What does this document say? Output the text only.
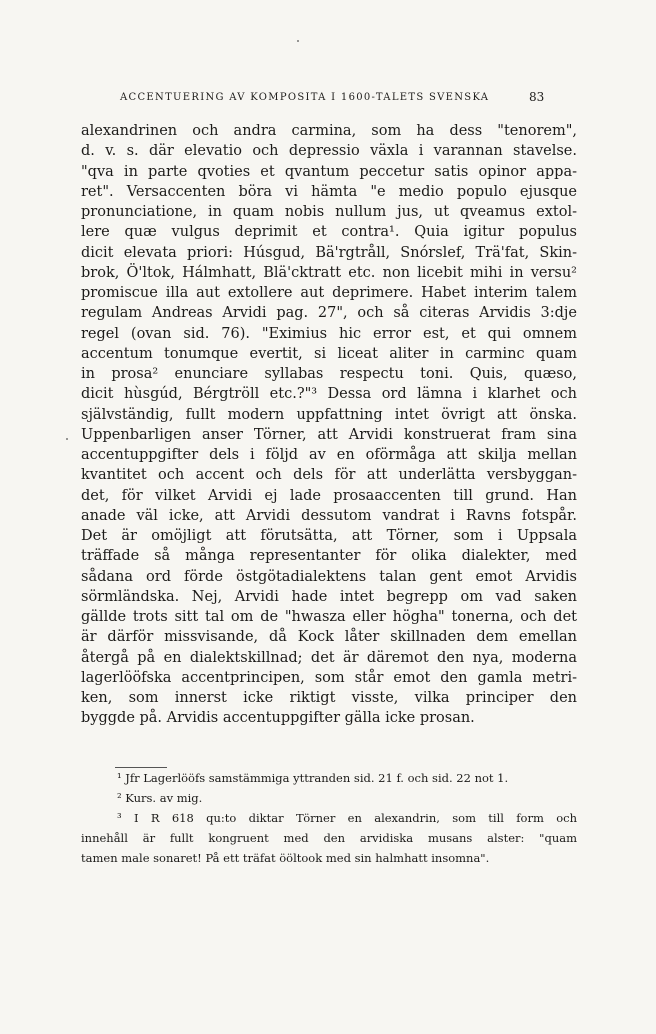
ACCENTUERING AV KOMPOSITA I 1600-TALETS SVENSKA	83
alexandrinen och andra carmina, som ha dess "tenorem",
d. v. s. där elevatio och depressio växla i varannan stavelse.
"qva in parte qvoties et qvantum peccetur satis opinor appa-
ret". Versaccenten böra vi hämta "e medio populo ejusque
pronunciatione, in quam nobis nullum jus, ut qveamus extol-
lere quæ vulgus deprimit et contra¹. Quia igitur populus
dicit elevata priori: Húsgud, Bä'rgtråll, Snórslef, Trä'fat, Skin-
brok, Ö'ltok, Hálmhatt, Blä'cktratt etc. non licebit mihi in versu²
promiscue illa aut extollere aut deprimere. Habet interim talem
regulam Andreas Arvidi pag. 27", och så citeras Arvidis 3:dje
regel (ovan sid. 76). "Eximius hic error est, et qui omnem
accentum tonumque evertit, si liceat aliter in carminc quam
in prosa² enunciare syllabas respectu toni. Quis, quæso,
dicit hùsgúd, Bérgtröll etc.?"³ Dessa ord lämna i klarhet och
självständig, fullt modern uppfattning intet övrigt att önska.
Uppenbarligen anser Törner, att Arvidi konstruerat fram sina
accentuppgifter dels i följd av en oförmåga att skilja mellan
kvantitet och accent och dels för att underlätta versbyggan-
det, för vilket Arvidi ej lade prosaaccenten till grund. Han
anade väl icke, att Arvidi dessutom vandrat i Ravns fotspår.
Det är omöjligt att förutsätta, att Törner, som i Uppsala
träffade så många representanter för olika dialekter, med
sådana ord förde östgötadialektens talan gent emot Arvidis
sörmländska. Nej, Arvidi hade intet begrepp om vad saken
gällde trots sitt tal om de "hwasza eller högha" tonerna, och det
är därför missvisande, då Kock låter skillnaden dem emellan
återgå på en dialektskillnad; det är däremot den nya, moderna
lagerlööfska accentprincipen, som står emot den gamla metri-
ken, som innerst icke riktigt visste, vilka principer den
byggde på. Arvidis accentuppgifter gälla icke prosan.
¹ Jfr Lagerlööfs samstämmiga yttranden sid. 21 f. och sid. 22 not 1.
² Kurs. av mig.
³ I R 618 qu:to diktar Törner en alexandrin, som till form och
innehåll är fullt kongruent med den arvidiska musans alster: "quam
tamen male sonaret! På ett träfat ööltook med sin halmhatt insomna".
